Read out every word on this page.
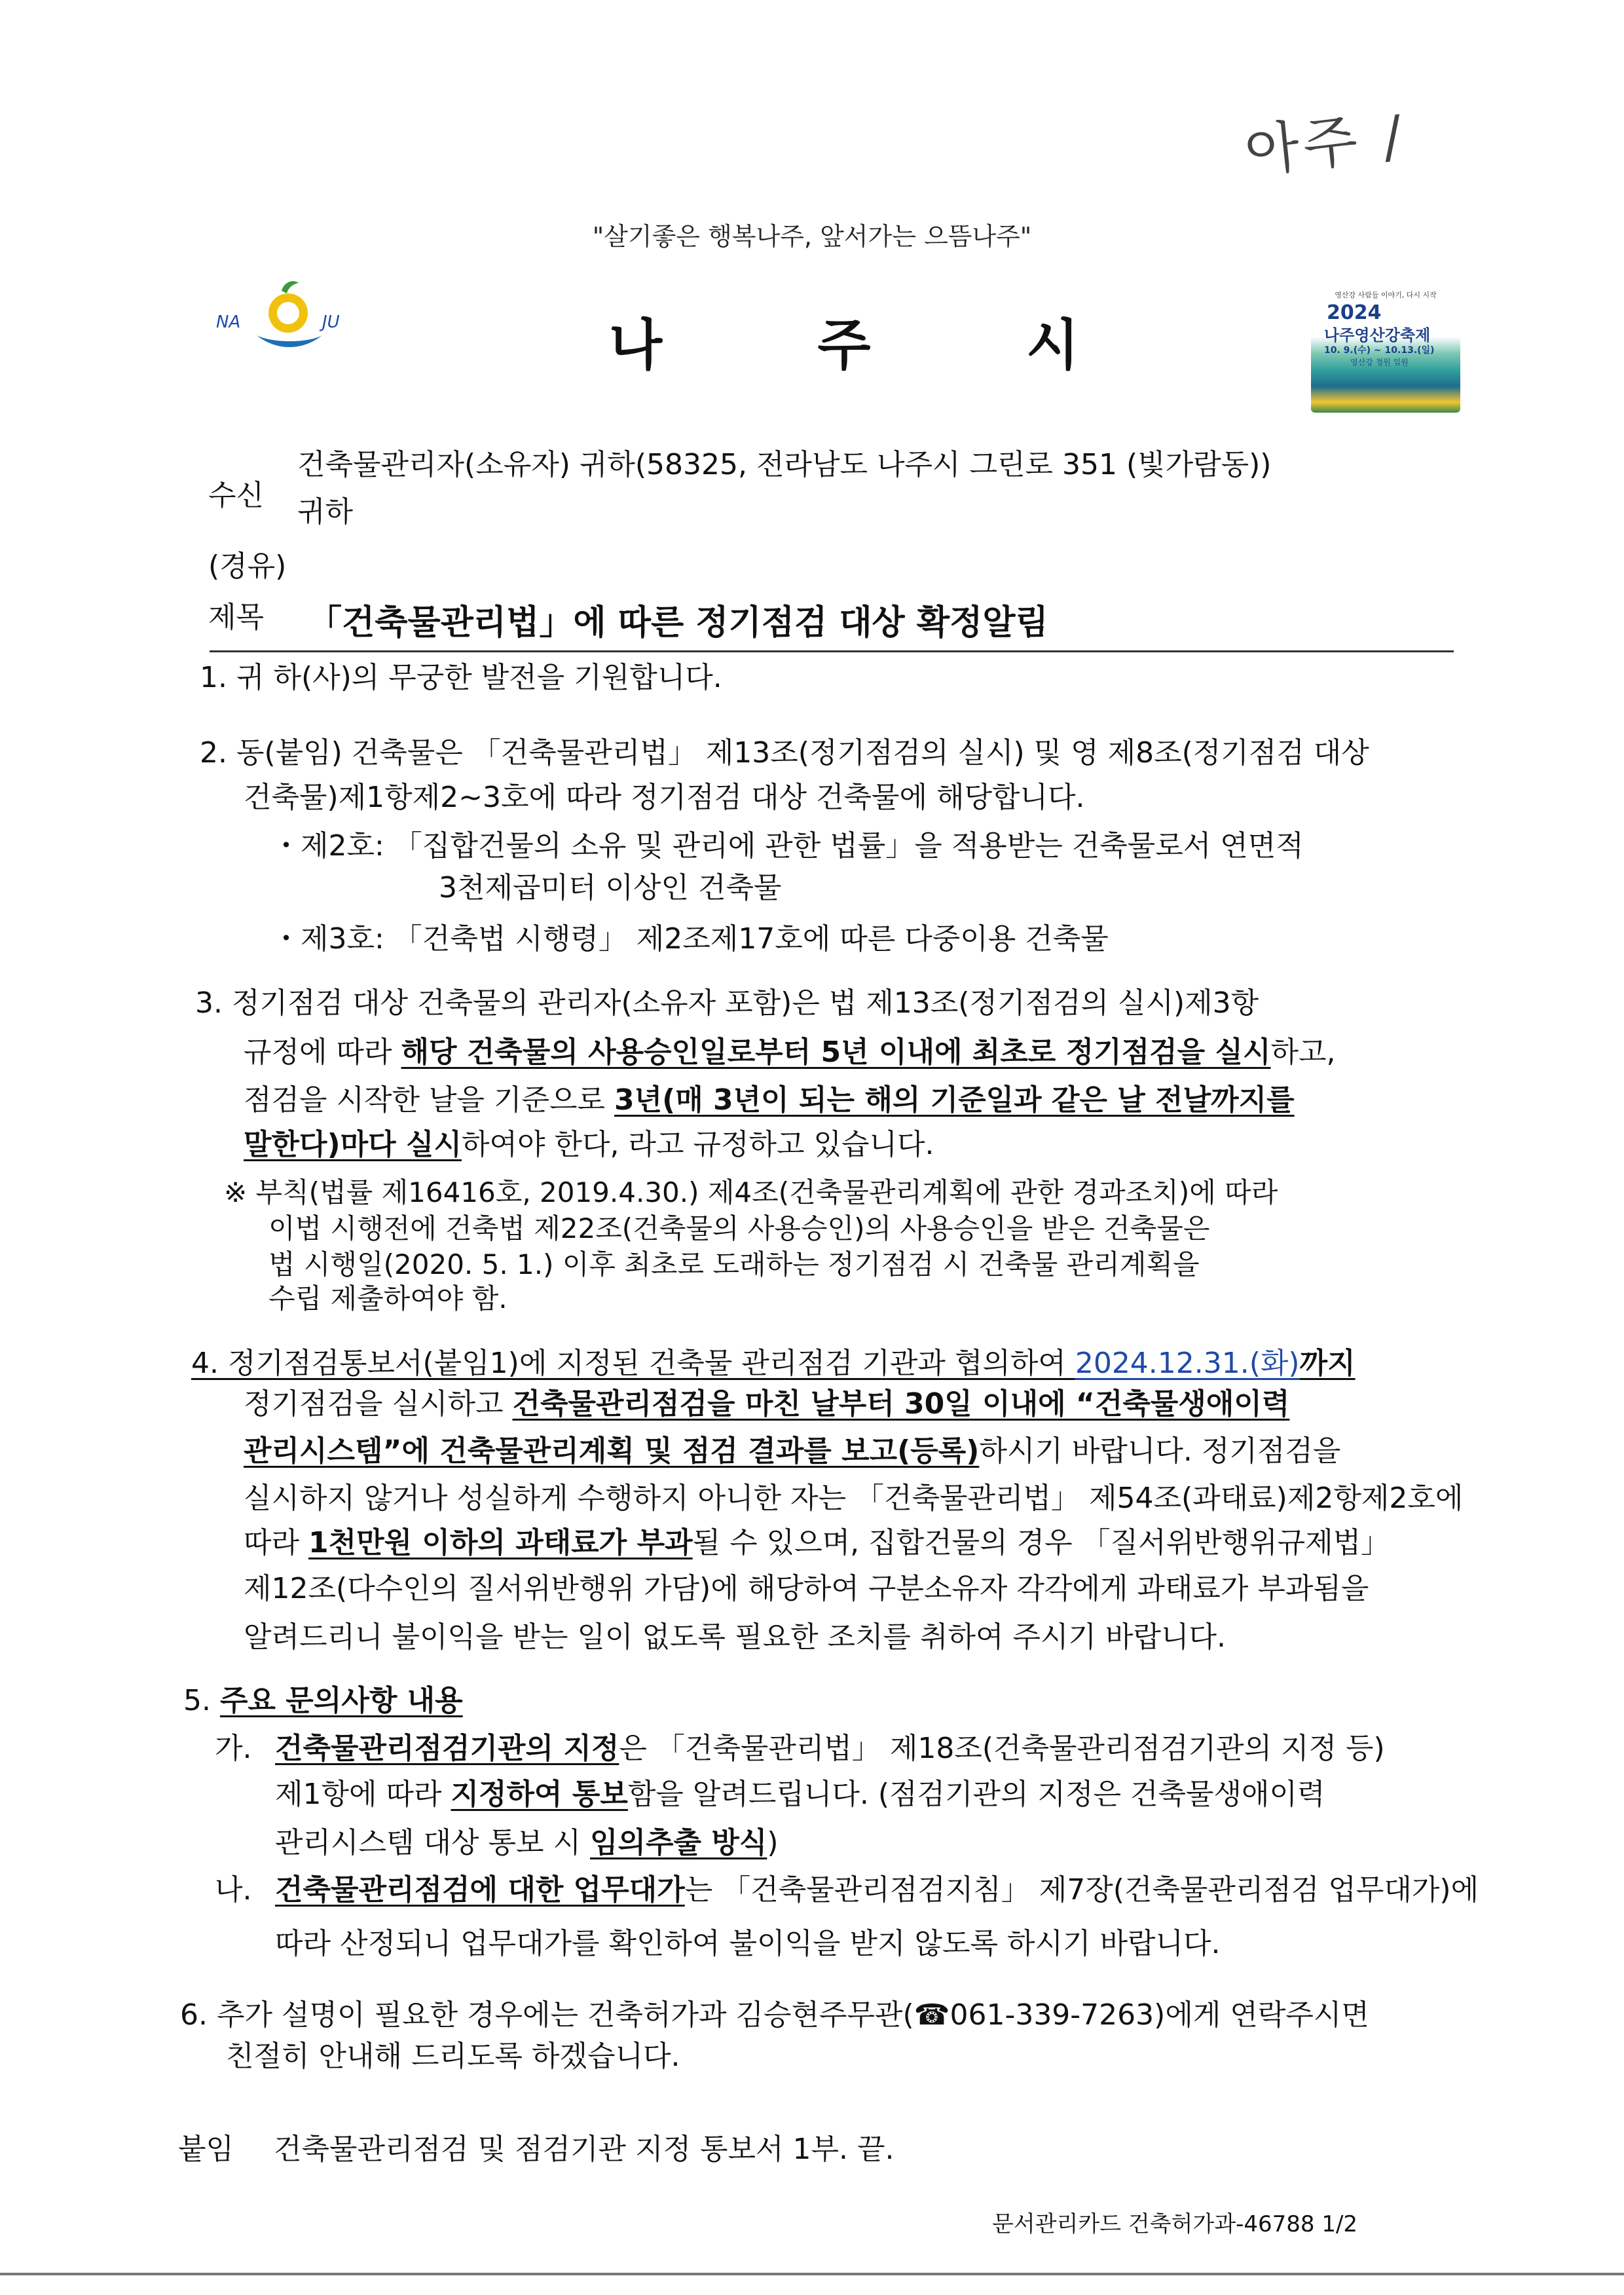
아주 /
"살기좋은 행복나주, 앞서가는 으뜸나주"
NA	JU	나	주	시
영산강 사람들 이야기, 다시 시작
2024
나주영산강축제
10. 9.(수) ~ 10.13.(일)
영산강 정원 일원
수신
건축물관리자(소유자) 귀하(58325, 전라남도 나주시 그린로 351 (빛가람동))
귀하
(경유)
제목 「건축물관리법」에 따른 정기점검 대상 확정알림
1. 귀 하(사)의 무궁한 발전을 기원합니다.
2. 동(붙임) 건축물은 「건축물관리법」 제13조(정기점검의 실시) 및 영 제8조(정기점검 대상
건축물)제1항제2~3호에 따라 정기점검 대상 건축물에 해당합니다.
・제2호: 「집합건물의 소유 및 관리에 관한 법률」을 적용받는 건축물로서 연면적
3천제곱미터 이상인 건축물
・제3호: 「건축법 시행령」 제2조제17호에 따른 다중이용 건축물
3. 정기점검 대상 건축물의 관리자(소유자 포함)은 법 제13조(정기점검의 실시)제3항
규정에 따라 해당 건축물의 사용승인일로부터 5년 이내에 최초로 정기점검을 실시하고,
점검을 시작한 날을 기준으로 3년(매 3년이 되는 해의 기준일과 같은 날 전날까지를
말한다)마다 실시하여야 한다, 라고 규정하고 있습니다.
※ 부칙(법률 제16416호, 2019.4.30.) 제4조(건축물관리계획에 관한 경과조치)에 따라
이법 시행전에 건축법 제22조(건축물의 사용승인)의 사용승인을 받은 건축물은
법 시행일(2020. 5. 1.) 이후 최초로 도래하는 정기점검 시 건축물 관리계획을
수립 제출하여야 함.
4. 정기점검통보서(붙임1)에 지정된 건축물 관리점검 기관과 협의하여 2024.12.31.(화)까지
정기점검을 실시하고 건축물관리점검을 마친 날부터 30일 이내에 “건축물생애이력
관리시스템”에 건축물관리계획 및 점검 결과를 보고(등록)하시기 바랍니다. 정기점검을
실시하지 않거나 성실하게 수행하지 아니한 자는 「건축물관리법」 제54조(과태료)제2항제2호에
따라 1천만원 이하의 과태료가 부과될 수 있으며, 집합건물의 경우 「질서위반행위규제법」
제12조(다수인의 질서위반행위 가담)에 해당하여 구분소유자 각각에게 과태료가 부과됨을
알려드리니 불이익을 받는 일이 없도록 필요한 조치를 취하여 주시기 바랍니다.
5. 주요 문의사항 내용
가. 건축물관리점검기관의 지정은 「건축물관리법」 제18조(건축물관리점검기관의 지정 등)
제1항에 따라 지정하여 통보함을 알려드립니다. (점검기관의 지정은 건축물생애이력
관리시스템 대상 통보 시 임의추출 방식)
나. 건축물관리점검에 대한 업무대가는 「건축물관리점검지침」 제7장(건축물관리점검 업무대가)에
따라 산정되니 업무대가를 확인하여 불이익을 받지 않도록 하시기 바랍니다.
6. 추가 설명이 필요한 경우에는 건축허가과 김승현주무관(☎061-339-7263)에게 연락주시면
친절히 안내해 드리도록 하겠습니다.
붙임 건축물관리점검 및 점검기관 지정 통보서 1부. 끝.
문서관리카드 건축허가과-46788 1/2
